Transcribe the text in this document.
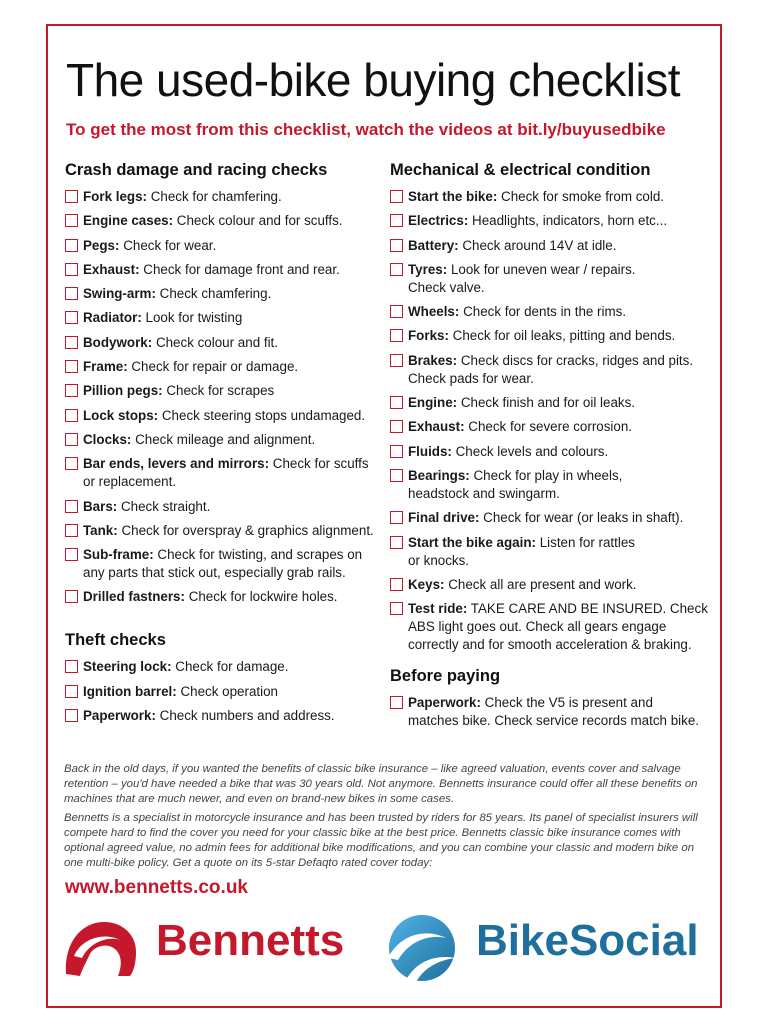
The used-bike buying checklist
To get the most from this checklist, watch the videos at bit.ly/buyusedbike
Crash damage and racing checks
Fork legs: Check for chamfering.
Engine cases: Check colour and for scuffs.
Pegs: Check for wear.
Exhaust: Check for damage front and rear.
Swing-arm: Check chamfering.
Radiator: Look for twisting
Bodywork: Check colour and fit.
Frame: Check for repair or damage.
Pillion pegs: Check for scrapes
Lock stops: Check steering stops undamaged.
Clocks: Check mileage and alignment.
Bar ends, levers and mirrors: Check for scuffs
or replacement.
Bars: Check straight.
Tank: Check for overspray & graphics alignment.
Sub-frame: Check for twisting, and scrapes on
any parts that stick out, especially grab rails.
Drilled fastners: Check for lockwire holes.
Theft checks
Steering lock: Check for damage.
Ignition barrel: Check operation
Paperwork: Check numbers and address.
Mechanical & electrical condition
Start the bike: Check for smoke from cold.
Electrics: Headlights, indicators, horn etc...
Battery: Check around 14V at idle.
Tyres: Look for uneven wear / repairs.
Check valve.
Wheels: Check for dents in the rims.
Forks: Check for oil leaks, pitting and bends.
Brakes: Check discs for cracks, ridges and pits.
Check pads for wear.
Engine: Check finish and for oil leaks.
Exhaust: Check for severe corrosion.
Fluids: Check levels and colours.
Bearings: Check for play in wheels,
headstock and swingarm.
Final drive: Check for wear (or leaks in shaft).
Start the bike again: Listen for rattles
or knocks.
Keys: Check all are present and work.
Test ride: TAKE CARE AND BE INSURED. Check
ABS light goes out. Check all gears engage
correctly and for smooth acceleration & braking.
Before paying
Paperwork: Check the V5 is present and
matches bike. Check service records match bike.
Back in the old days, if you wanted the benefits of classic bike insurance – like agreed valuation, events cover and salvage retention – you'd have needed a bike that was 30 years old. Not anymore. Bennetts insurance could offer all these benefits on machines that are much newer, and even on brand-new bikes in some cases.
Bennetts is a specialist in motorcycle insurance and has been trusted by riders for 85 years. Its panel of specialist insurers will compete hard to find the cover you need for your classic bike at the best price. Bennetts classic bike insurance comes with optional agreed value, no admin fees for additional bike modifications, and you can combine your classic and modern bike on one multi-bike policy. Get a quote on its 5-star Defaqto rated cover today:
www.bennetts.co.uk
Bennetts	BikeSocial
